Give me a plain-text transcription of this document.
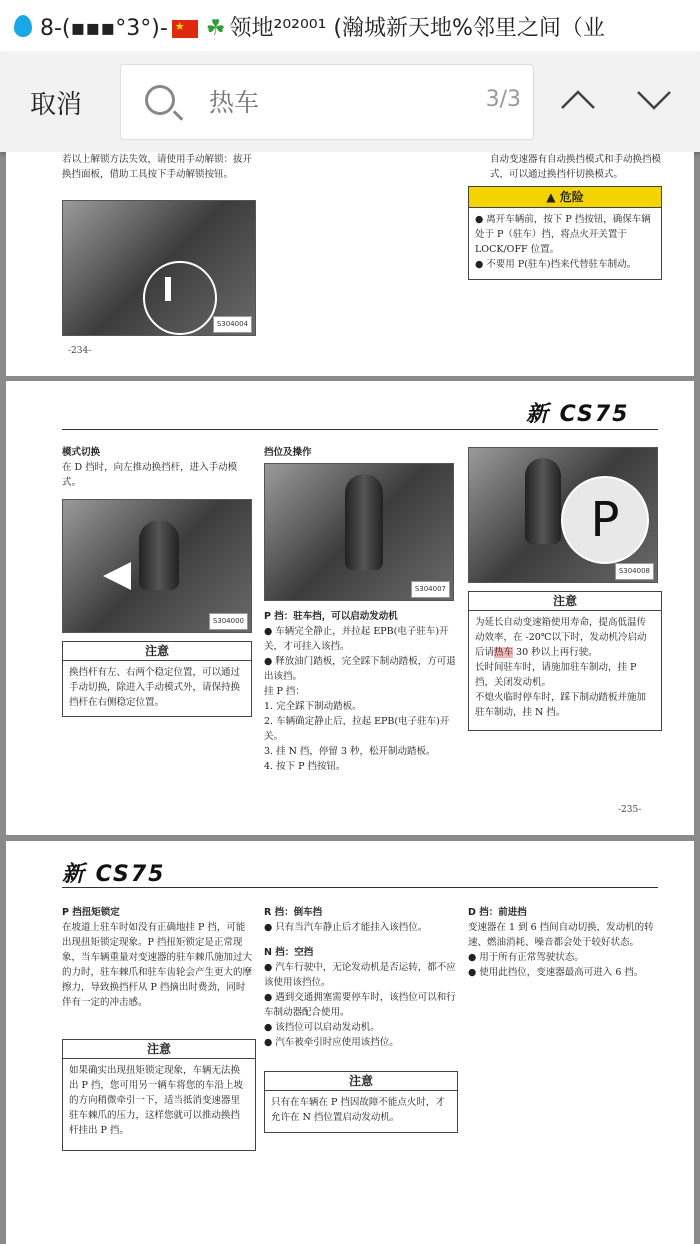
8-(▪▪▪°3°)-★ ☘ 领地²⁰²⁰⁰¹ (瀚城新天地%邻里之间（业
取消
热车	3/3

若以上解锁方法失效，请使用手动解锁：拔开换挡面板，借助工具按下手动解锁按钮。

S304004
-234-

自动变速器有自动换挡模式和手动换挡模式，可以通过换挡杆切换模式。

▲ 危险

● 离开车辆前，按下 P 挡按钮，确保车辆处于 P（驻车）挡，将点火开关置于 LOCK/OFF 位置。

● 不要用 P(驻车)挡来代替驻车制动。

新 CS75

模式切换

在 D 挡时，向左推动换挡杆，进入手动模式。

S304000
注意

换挡杆有左、右两个稳定位置，可以通过手动切换，除进入手动模式外，请保持换挡杆在右侧稳定位置。

挡位及操作

S304007

P 挡：驻车挡，可以启动发动机

● 车辆完全静止，并拉起 EPB(电子驻车)开关，才可挂入该挡。

● 释放油门踏板，完全踩下制动踏板，方可退出该挡。

挂 P 挡：

1. 完全踩下制动踏板。

2. 车辆确定静止后，拉起 EPB(电子驻车)开关。

3. 挂 N 挡，停留 3 秒，松开制动踏板。

4. 按下 P 挡按钮。

P
S304008
注意

为延长自动变速箱使用寿命，提高低温传动效率，在 -20℃以下时，发动机冷启动后请热车 30 秒以上再行驶。

长时间驻车时，请施加驻车制动，挂 P 挡，关闭发动机。

不熄火临时停车时，踩下制动踏板并施加驻车制动，挂 N 挡。

-235-
新 CS75

P 挡扭矩锁定

在坡道上驻车时如没有正确地挂 P 挡，可能出现扭矩锁定现象。P 挡扭矩锁定是正常现象，当车辆重量对变速器的驻车棘爪施加过大的力时，驻车棘爪和驻车齿轮会产生更大的摩擦力，导致换挡杆从 P 挡摘出时费劲，同时伴有一定的冲击感。

注意

如果确实出现扭矩锁定现象，车辆无法换出 P 挡，您可用另一辆车将您的车沿上坡的方向稍微牵引一下，适当抵消变速器里驻车棘爪的压力，这样您就可以推动换挡杆挂出 P 挡。

R 挡：倒车挡

● 只有当汽车静止后才能挂入该挡位。

N 挡：空挡

● 汽车行驶中，无论发动机是否运转，都不应该使用该挡位。

● 遇到交通拥塞需要停车时，该挡位可以和行车制动器配合使用。

● 该挡位可以启动发动机。

● 汽车被牵引时应使用该挡位。

注意

只有在车辆在 P 挡因故障不能点火时，才允许在 N 挡位置启动发动机。

D 挡：前进挡

变速器在 1 到 6 挡间自动切换，发动机的转速、燃油消耗、噪音都会处于较好状态。

● 用于所有正常驾驶状态。

● 使用此挡位，变速器最高可进入 6 挡。
